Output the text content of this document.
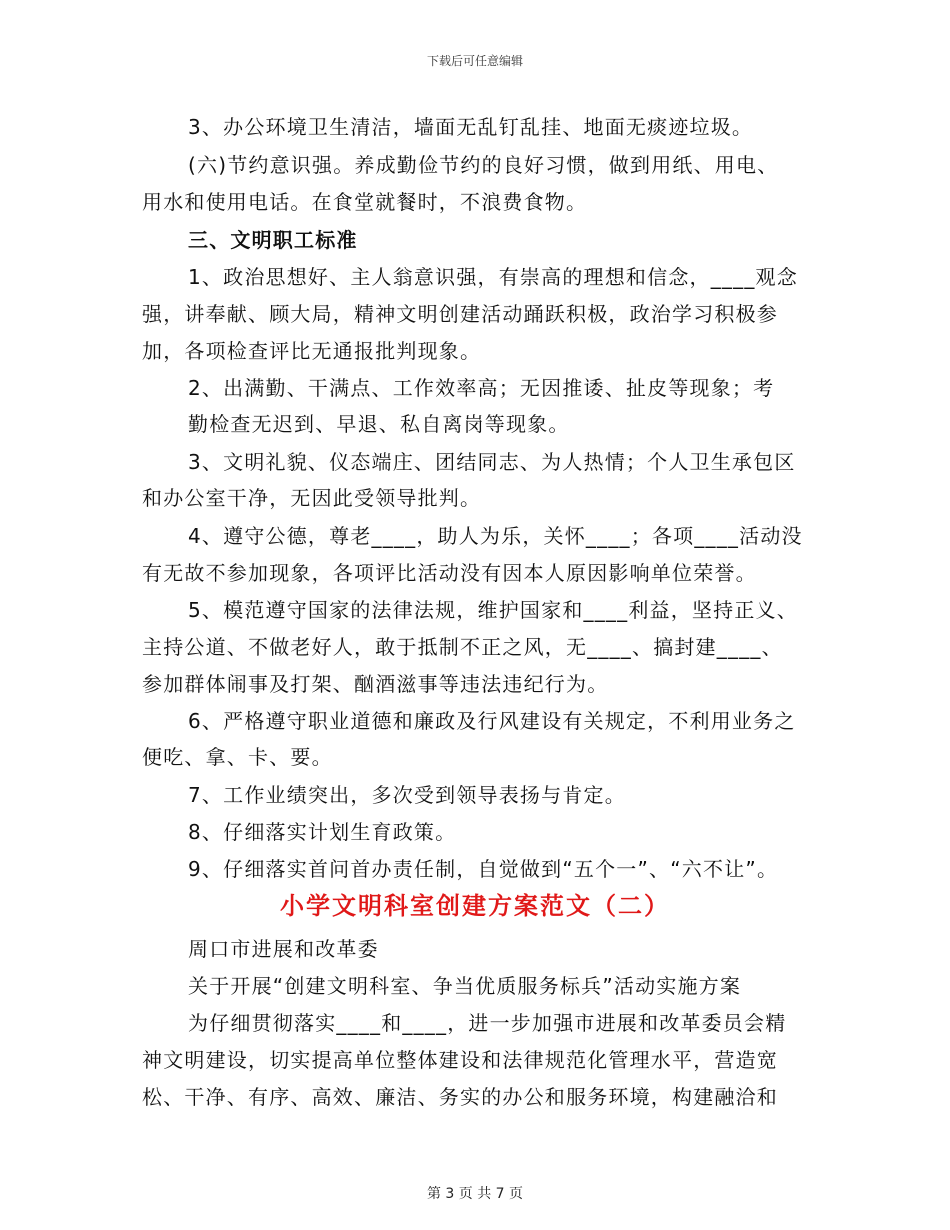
下载后可任意编辑
3、办公环境卫生清洁，墙面无乱钉乱挂、地面无痰迹垃圾。
(六)节约意识强。养成勤俭节约的良好习惯，做到用纸、用电、
用水和使用电话。在食堂就餐时，不浪费食物。
三、文明职工标准
1、政治思想好、主人翁意识强，有崇高的理想和信念，____观念
强，讲奉献、顾大局，精神文明创建活动踊跃积极，政治学习积极参
加，各项检查评比无通报批判现象。
2、出满勤、干满点、工作效率高；无因推诿、扯皮等现象；考
勤检查无迟到、早退、私自离岗等现象。
3、文明礼貌、仪态端庄、团结同志、为人热情；个人卫生承包区
和办公室干净，无因此受领导批判。
4、遵守公德，尊老____，助人为乐，关怀____；各项____活动没
有无故不参加现象，各项评比活动没有因本人原因影响单位荣誉。
5、模范遵守国家的法律法规，维护国家和____利益，坚持正义、
主持公道、不做老好人，敢于抵制不正之风，无____、搞封建____、
参加群体闹事及打架、酗酒滋事等违法违纪行为。
6、严格遵守职业道德和廉政及行风建设有关规定，不利用业务之
便吃、拿、卡、要。
7、工作业绩突出，多次受到领导表扬与肯定。
8、仔细落实计划生育政策。
9、仔细落实首问首办责任制，自觉做到“五个一”、“六不让”。
小学文明科室创建方案范文（二）
周口市进展和改革委
关于开展“创建文明科室、争当优质服务标兵”活动实施方案
为仔细贯彻落实____和____，进一步加强市进展和改革委员会精
神文明建设，切实提高单位整体建设和法律规范化管理水平，营造宽
松、干净、有序、高效、廉洁、务实的办公和服务环境，构建融洽和
第 3 页 共 7 页
